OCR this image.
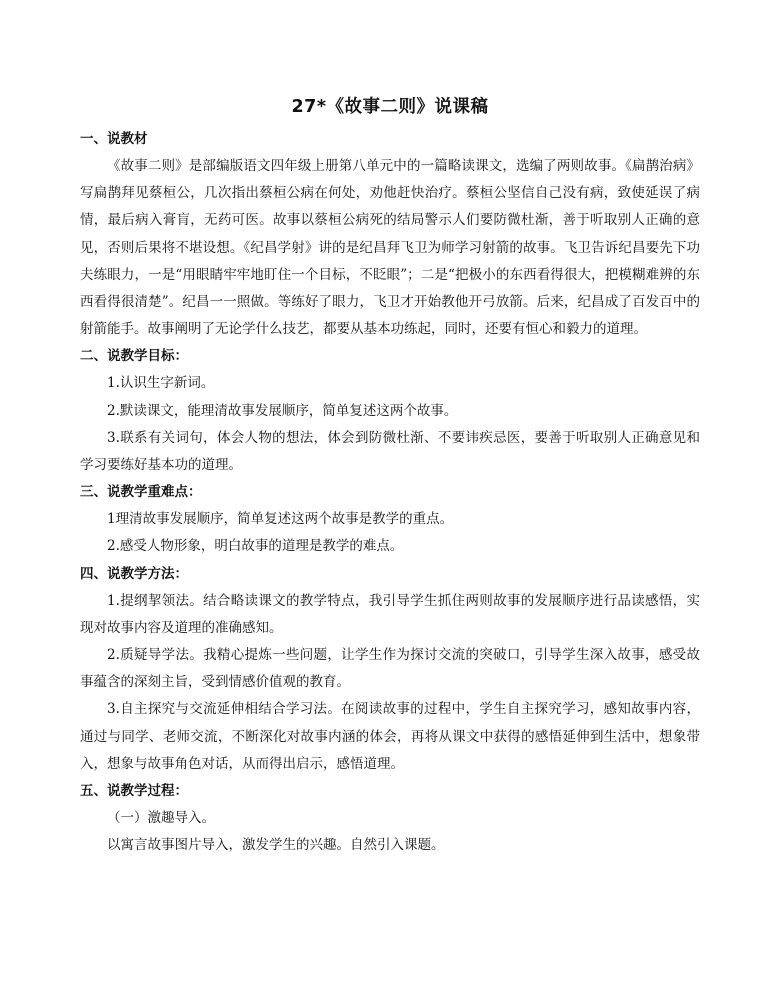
27*《故事二则》说课稿
一、说教材

《故事二则》是部编版语文四年级上册第八单元中的一篇略读课文，选编了两则故事。《扁鹊治病》写扁鹊拜见蔡桓公，几次指出蔡桓公病在何处，劝他赶快治疗。蔡桓公坚信自己没有病，致使延误了病情，最后病入膏肓，无药可医。故事以蔡桓公病死的结局警示人们要防微杜渐，善于听取别人正确的意见，否则后果将不堪设想。《纪昌学射》讲的是纪昌拜飞卫为师学习射箭的故事。飞卫告诉纪昌要先下功夫练眼力，一是“用眼睛牢牢地盯住一个目标，不眨眼”；二是“把极小的东西看得很大，把模糊难辨的东西看得很清楚”。纪昌一一照做。等练好了眼力，飞卫才开始教他开弓放箭。后来，纪昌成了百发百中的射箭能手。故事阐明了无论学什么技艺，都要从基本功练起，同时，还要有恒心和毅力的道理。

二、说教学目标：

1.认识生字新词。

2.默读课文，能理清故事发展顺序，简单复述这两个故事。

3.联系有关词句，体会人物的想法，体会到防微杜渐、不要讳疾忌医，要善于听取别人正确意见和学习要练好基本功的道理。

三、说教学重难点：

1理清故事发展顺序，简单复述这两个故事是教学的重点。

2.感受人物形象，明白故事的道理是教学的难点。

四、说教学方法：

1.提纲挈领法。结合略读课文的教学特点，我引导学生抓住两则故事的发展顺序进行品读感悟，实现对故事内容及道理的准确感知。

2.质疑导学法。我精心提炼一些问题，让学生作为探讨交流的突破口，引导学生深入故事，感受故事蕴含的深刻主旨，受到情感价值观的教育。

3.自主探究与交流延伸相结合学习法。在阅读故事的过程中，学生自主探究学习，感知故事内容，通过与同学、老师交流，不断深化对故事内涵的体会，再将从课文中获得的感悟延伸到生活中，想象带入，想象与故事角色对话，从而得出启示，感悟道理。

五、说教学过程：

（一）激趣导入。

以寓言故事图片导入，激发学生的兴趣。自然引入课题。
